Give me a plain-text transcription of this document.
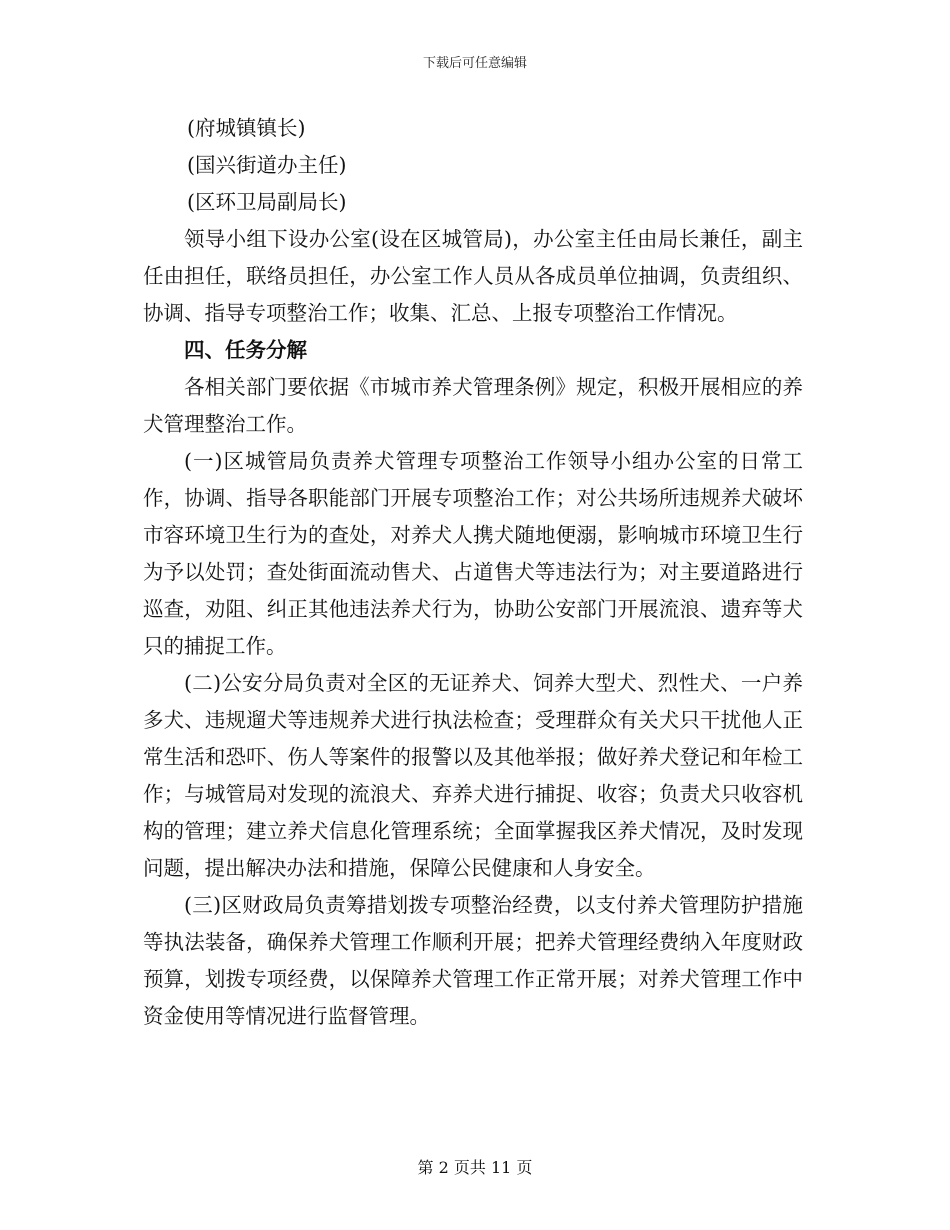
下载后可任意编辑

(府城镇镇长)

(国兴街道办主任)

(区环卫局副局长)

领导小组下设办公室(设在区城管局)，办公室主任由局长兼任，副主任由担任，联络员担任，办公室工作人员从各成员单位抽调，负责组织、协调、指导专项整治工作；收集、汇总、上报专项整治工作情况。

四、任务分解

各相关部门要依据《市城市养犬管理条例》规定，积极开展相应的养犬管理整治工作。

(一)区城管局负责养犬管理专项整治工作领导小组办公室的日常工作，协调、指导各职能部门开展专项整治工作；对公共场所违规养犬破坏市容环境卫生行为的查处，对养犬人携犬随地便溺，影响城市环境卫生行为予以处罚；查处街面流动售犬、占道售犬等违法行为；对主要道路进行巡查，劝阻、纠正其他违法养犬行为，协助公安部门开展流浪、遗弃等犬只的捕捉工作。

(二)公安分局负责对全区的无证养犬、饲养大型犬、烈性犬、一户养多犬、违规遛犬等违规养犬进行执法检查；受理群众有关犬只干扰他人正常生活和恐吓、伤人等案件的报警以及其他举报；做好养犬登记和年检工作；与城管局对发现的流浪犬、弃养犬进行捕捉、收容；负责犬只收容机构的管理；建立养犬信息化管理系统；全面掌握我区养犬情况，及时发现问题，提出解决办法和措施，保障公民健康和人身安全。

(三)区财政局负责筹措划拨专项整治经费，以支付养犬管理防护措施等执法装备，确保养犬管理工作顺利开展；把养犬管理经费纳入年度财政预算，划拨专项经费，以保障养犬管理工作正常开展；对养犬管理工作中资金使用等情况进行监督管理。

第 2 页共 11 页
